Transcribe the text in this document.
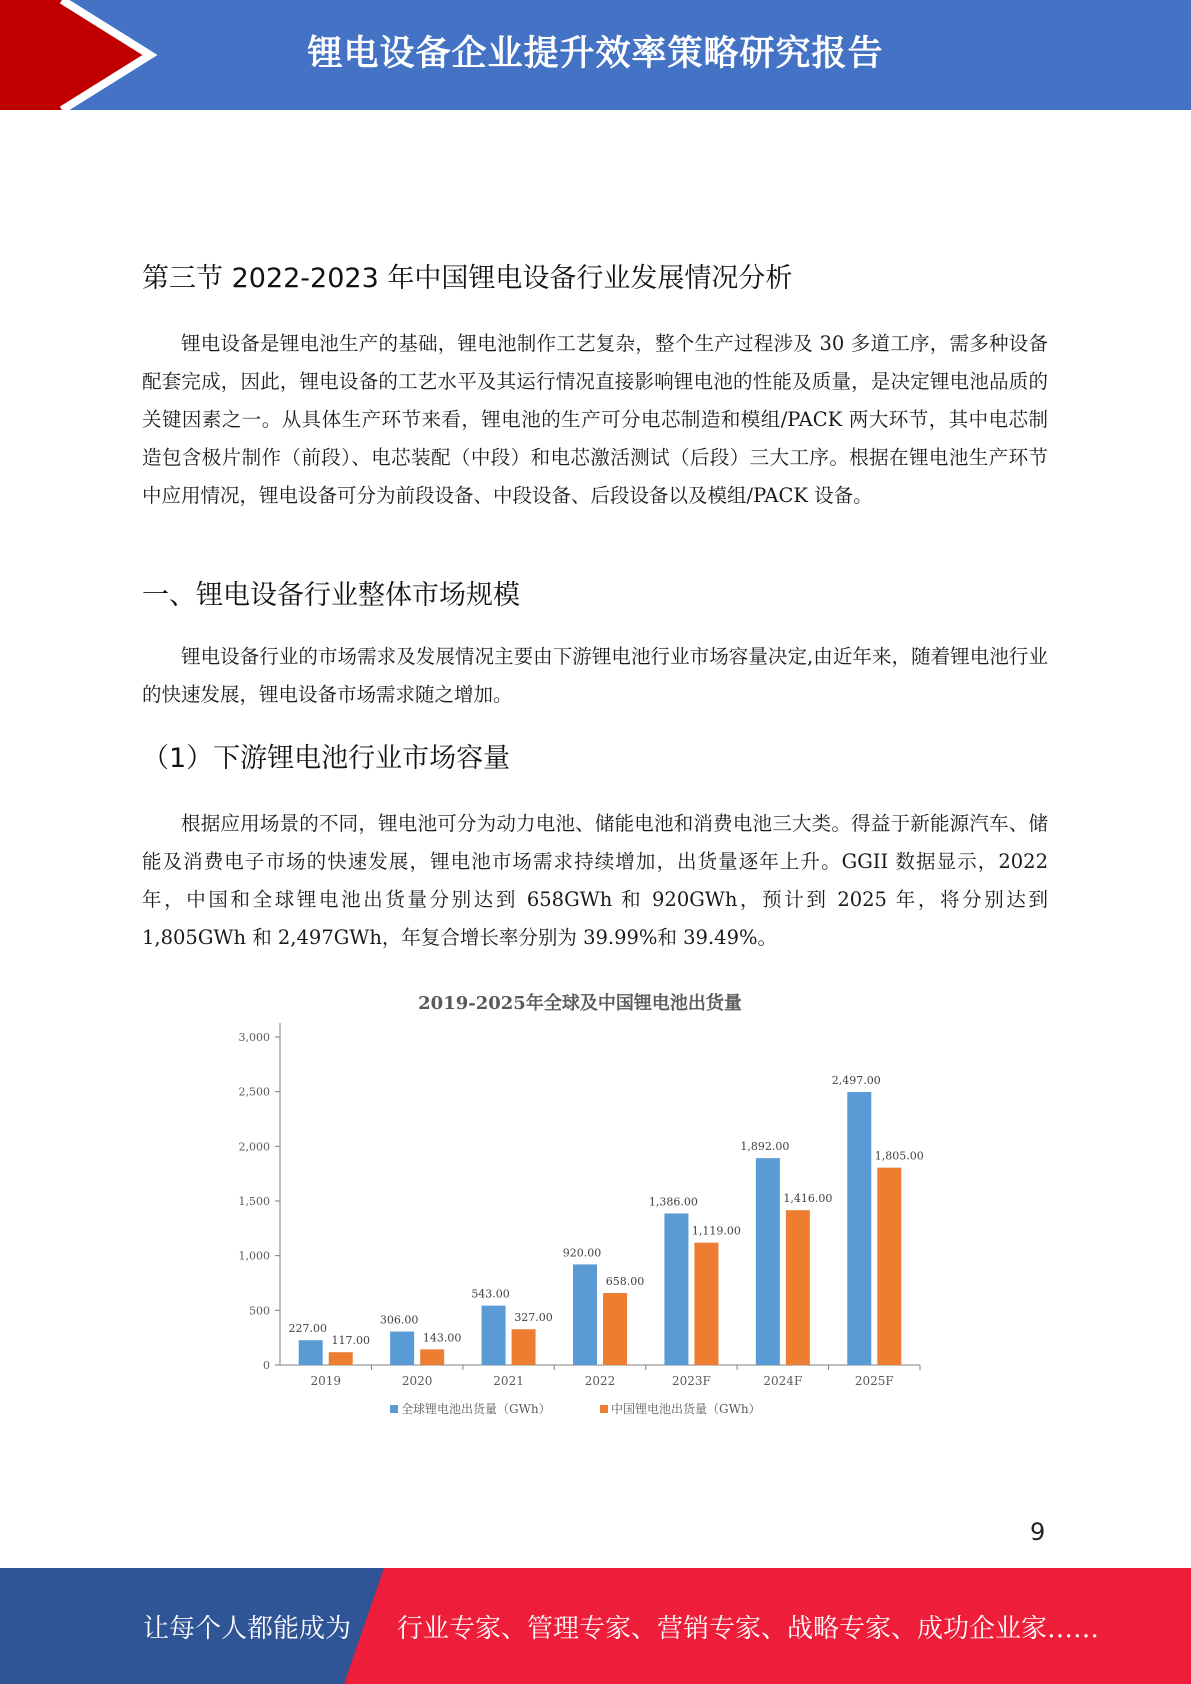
锂电设备企业提升效率策略研究报告
第三节 2022-2023 年中国锂电设备行业发展情况分析

锂电设备是锂电池生产的基础，锂电池制作工艺复杂，整个生产过程涉及 30 多道工序，需多种设备配套完成，因此，锂电设备的工艺水平及其运行情况直接影响锂电池的性能及质量，是决定锂电池品质的关键因素之一。从具体生产环节来看，锂电池的生产可分电芯制造和模组/PACK 两大环节，其中电芯制造包含极片制作（前段）、电芯装配（中段）和电芯激活测试（后段）三大工序。根据在锂电池生产环节中应用情况，锂电设备可分为前段设备、中段设备、后段设备以及模组/PACK 设备。

一、锂电设备行业整体市场规模

锂电设备行业的市场需求及发展情况主要由下游锂电池行业市场容量决定,由近年来，随着锂电池行业的快速发展，锂电设备市场需求随之增加。

（1）下游锂电池行业市场容量

根据应用场景的不同，锂电池可分为动力电池、储能电池和消费电池三大类。得益于新能源汽车、储能及消费电子市场的快速发展，锂电池市场需求持续增加，出货量逐年上升。GGII 数据显示，2022 年，中国和全球锂电池出货量分别达到 658GWh 和 920GWh，预计到 2025 年，将分别达到 1,805GWh 和 2,497GWh，年复合增长率分别为 39.99%和 39.49%。

2019-2025年全球及中国锂电池出货量
0
500
1,000
1,500
2,000
2,500
3,000
2019	2020	2021	2022	2023F	2024F	2025F
227.00
117.00
306.00
143.00
543.00
327.00
920.00
658.00
1,386.00
1,119.00
1,892.00
1,416.00
2,497.00
1,805.00
全球锂电池出货量（GWh）	中国锂电池出货量（GWh）
9
让每个人都能成为 行业专家、管理专家、营销专家、战略专家、成功企业家……
